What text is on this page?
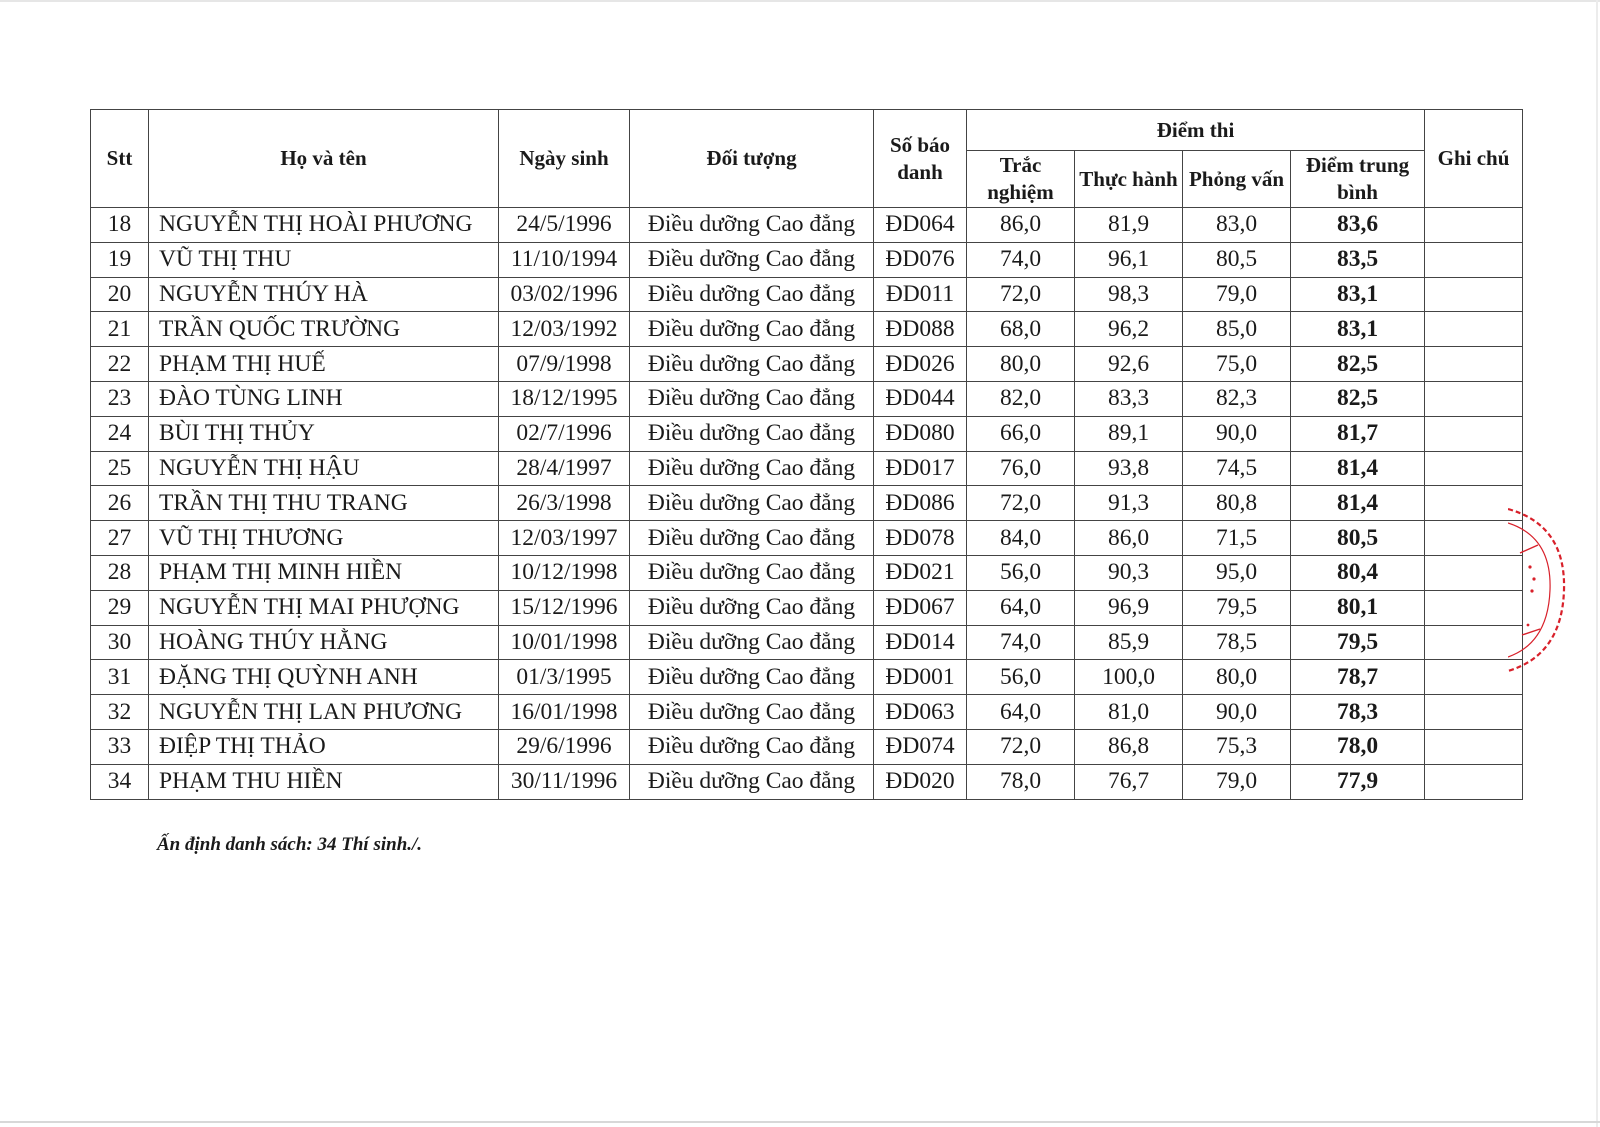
Stt	Họ và tên	Ngày sinh	Đối tượng	Số báo danh	Điểm thi				Ghi chú
					Trắc nghiệm	Thực hành	Phỏng vấn	Điểm trung bình	
18	NGUYỄN THỊ HOÀI PHƯƠNG	24/5/1996	Điều dưỡng Cao đẳng	ĐD064	86,0	81,9	83,0	83,6	
19	VŨ THỊ THU	11/10/1994	Điều dưỡng Cao đẳng	ĐD076	74,0	96,1	80,5	83,5	
20	NGUYỄN THÚY HÀ	03/02/1996	Điều dưỡng Cao đẳng	ĐD011	72,0	98,3	79,0	83,1	
21	TRẦN QUỐC TRƯỜNG	12/03/1992	Điều dưỡng Cao đẳng	ĐD088	68,0	96,2	85,0	83,1	
22	PHẠM THỊ HUẾ	07/9/1998	Điều dưỡng Cao đẳng	ĐD026	80,0	92,6	75,0	82,5	
23	ĐÀO TÙNG LINH	18/12/1995	Điều dưỡng Cao đẳng	ĐD044	82,0	83,3	82,3	82,5	
24	BÙI THỊ THỦY	02/7/1996	Điều dưỡng Cao đẳng	ĐD080	66,0	89,1	90,0	81,7	
25	NGUYỄN THỊ HẬU	28/4/1997	Điều dưỡng Cao đẳng	ĐD017	76,0	93,8	74,5	81,4	
26	TRẦN THỊ THU TRANG	26/3/1998	Điều dưỡng Cao đẳng	ĐD086	72,0	91,3	80,8	81,4	
27	VŨ THỊ THƯƠNG	12/03/1997	Điều dưỡng Cao đẳng	ĐD078	84,0	86,0	71,5	80,5	
28	PHẠM THỊ MINH HIỀN	10/12/1998	Điều dưỡng Cao đẳng	ĐD021	56,0	90,3	95,0	80,4	
29	NGUYỄN THỊ MAI PHƯỢNG	15/12/1996	Điều dưỡng Cao đẳng	ĐD067	64,0	96,9	79,5	80,1	
30	HOÀNG THÚY HẰNG	10/01/1998	Điều dưỡng Cao đẳng	ĐD014	74,0	85,9	78,5	79,5	
31	ĐẶNG THỊ QUỲNH ANH	01/3/1995	Điều dưỡng Cao đẳng	ĐD001	56,0	100,0	80,0	78,7	
32	NGUYỄN THỊ LAN PHƯƠNG	16/01/1998	Điều dưỡng Cao đẳng	ĐD063	64,0	81,0	90,0	78,3	
33	ĐIỆP THỊ THẢO	29/6/1996	Điều dưỡng Cao đẳng	ĐD074	72,0	86,8	75,3	78,0	
34	PHẠM THU HIỀN	30/11/1996	Điều dưỡng Cao đẳng	ĐD020	78,0	76,7	79,0	77,9	
Ấn định danh sách: 34 Thí sinh./.
